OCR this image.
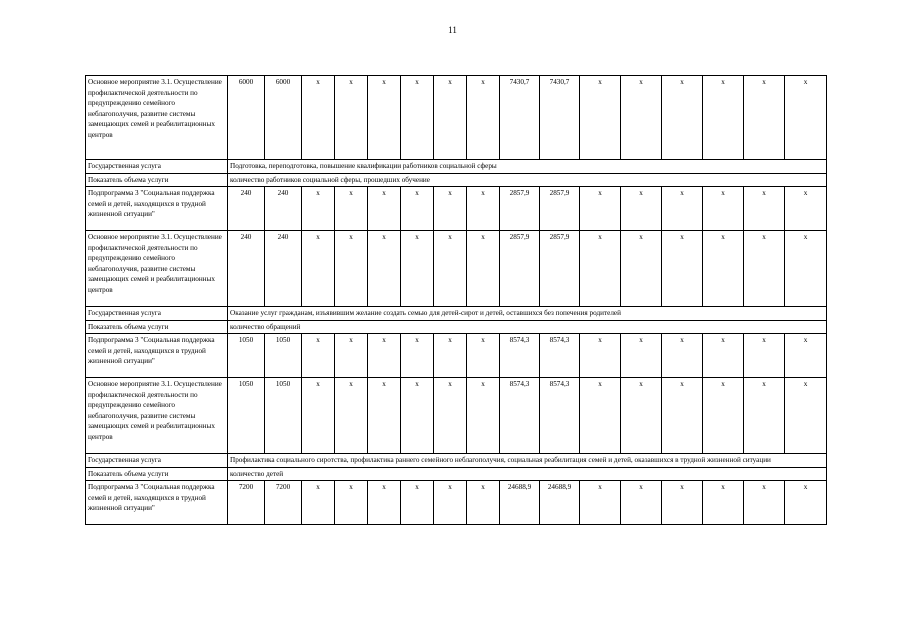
11
Основное мероприятие 3.1. Осуществление профилактической деятельности по предупреждению семейного неблагополучия, развитие системы замещающих семей и реабилитационных центров	6000	6000	x	x	x	x	x	x	7430,7	7430,7	x	x	x	x	x	x
Государственная услуга	Подготовка, переподготовка, повышение квалификации работников социальной сферы															
Показатель объема услуги	количество работников социальной сферы, прошедших обучение															
Подпрограмма 3 "Социальная поддержка семей и детей, находящихся в трудной жизненной ситуации"	240	240	x	x	x	x	x	x	2857,9	2857,9	x	x	x	x	x	x
Основное мероприятие 3.1. Осуществление профилактической деятельности по предупреждению семейного неблагополучия, развитие системы замещающих семей и реабилитационных центров	240	240	x	x	x	x	x	x	2857,9	2857,9	x	x	x	x	x	x
Государственная услуга	Оказание услуг гражданам, изъявившим желание создать семью для детей-сирот и детей, оставшихся без попечения родителей															
Показатель объема услуги	количество обращений															
Подпрограмма 3 "Социальная поддержка семей и детей, находящихся в трудной жизненной ситуации"	1050	1050	x	x	x	x	x	x	8574,3	8574,3	x	x	x	x	x	x
Основное мероприятие 3.1. Осуществление профилактической деятельности по предупреждению семейного неблагополучия, развитие системы замещающих семей и реабилитационных центров	1050	1050	x	x	x	x	x	x	8574,3	8574,3	x	x	x	x	x	x
Государственная услуга	Профилактика социального сиротства, профилактика раннего семейного неблагополучия, социальная реабилитация семей и детей, оказавшихся в трудной жизненной ситуации															
Показатель объема услуги	количество детей															
Подпрограмма 3 "Социальная поддержка семей и детей, находящихся в трудной жизненной ситуации"	7200	7200	x	x	x	x	x	x	24688,9	24688,9	x	x	x	x	x	x
